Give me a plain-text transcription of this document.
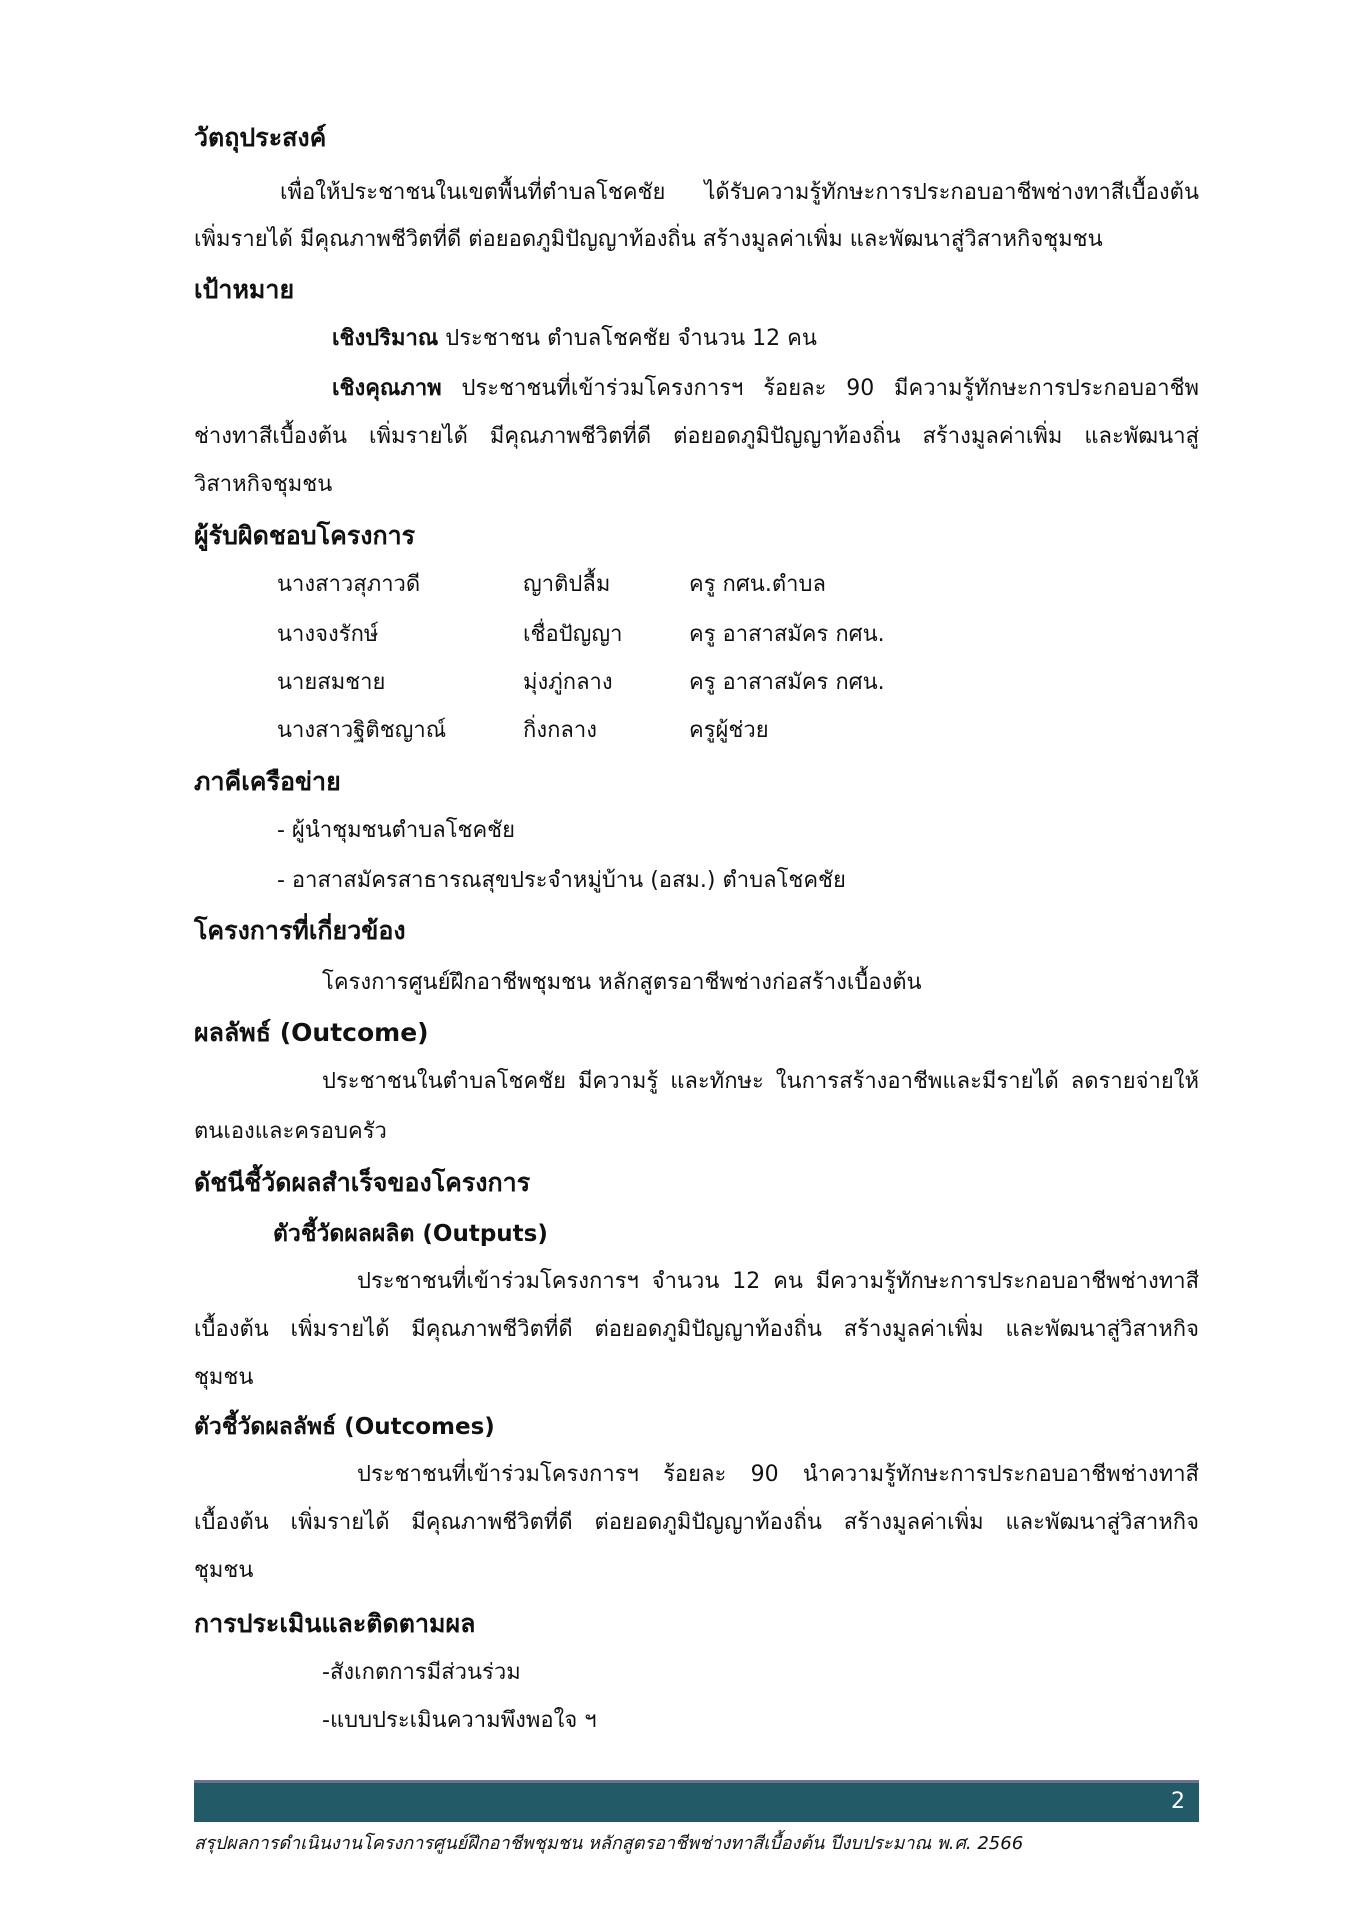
วัตถุประสงค์
เพื่อให้ประชาชนในเขตพื้นที่ตำบลโชคชัย ได้รับความรู้ทักษะการประกอบอาชีพช่างทาสีเบื้องต้น
เพิ่มรายได้ มีคุณภาพชีวิตที่ดี ต่อยอดภูมิปัญญาท้องถิ่น สร้างมูลค่าเพิ่ม และพัฒนาสู่วิสาหกิจชุมชน
เป้าหมาย
เชิงปริมาณ ประชาชน ตำบลโชคชัย จำนวน 12 คน
เชิงคุณภาพ ประชาชนที่เข้าร่วมโครงการฯ ร้อยละ 90 มีความรู้ทักษะการประกอบอาชีพ
ช่างทาสีเบื้องต้น เพิ่มรายได้ มีคุณภาพชีวิตที่ดี ต่อยอดภูมิปัญญาท้องถิ่น สร้างมูลค่าเพิ่ม และพัฒนาสู่
วิสาหกิจชุมชน
ผู้รับผิดชอบโครงการ
นางสาวสุภาวดี	ญาติปลื้ม	ครู กศน.ตำบล
นางจงรักษ์	เชื่อปัญญา	ครู อาสาสมัคร กศน.
นายสมชาย	มุ่งภู่กลาง	ครู อาสาสมัคร กศน.
นางสาวฐิติชญาณ์	กิ่งกลาง	ครูผู้ช่วย
ภาคีเครือข่าย
- ผู้นำชุมชนตำบลโชคชัย
- อาสาสมัครสาธารณสุขประจำหมู่บ้าน (อสม.) ตำบลโชคชัย
โครงการที่เกี่ยวข้อง
โครงการศูนย์ฝึกอาชีพชุมชน หลักสูตรอาชีพช่างก่อสร้างเบื้องต้น
ผลลัพธ์ (Outcome)
ประชาชนในตำบลโชคชัย มีความรู้ และทักษะ ในการสร้างอาชีพและมีรายได้ ลดรายจ่ายให้
ตนเองและครอบครัว
ดัชนีชี้วัดผลสำเร็จของโครงการ
ตัวชี้วัดผลผลิต (Outputs)
ประชาชนที่เข้าร่วมโครงการฯ จำนวน 12 คน มีความรู้ทักษะการประกอบอาชีพช่างทาสี
เบื้องต้น เพิ่มรายได้ มีคุณภาพชีวิตที่ดี ต่อยอดภูมิปัญญาท้องถิ่น สร้างมูลค่าเพิ่ม และพัฒนาสู่วิสาหกิจ
ชุมชน
ตัวชี้วัดผลลัพธ์ (Outcomes)
ประชาชนที่เข้าร่วมโครงการฯ ร้อยละ 90 นำความรู้ทักษะการประกอบอาชีพช่างทาสี
เบื้องต้น เพิ่มรายได้ มีคุณภาพชีวิตที่ดี ต่อยอดภูมิปัญญาท้องถิ่น สร้างมูลค่าเพิ่ม และพัฒนาสู่วิสาหกิจ
ชุมชน
การประเมินและติดตามผล
-สังเกตการมีส่วนร่วม
-แบบประเมินความพึงพอใจ ฯ
2
สรุปผลการดำเนินงานโครงการศูนย์ฝึกอาชีพชุมชน หลักสูตรอาชีพช่างทาสีเบื้องต้น ปีงบประมาณ พ.ศ. 2566
